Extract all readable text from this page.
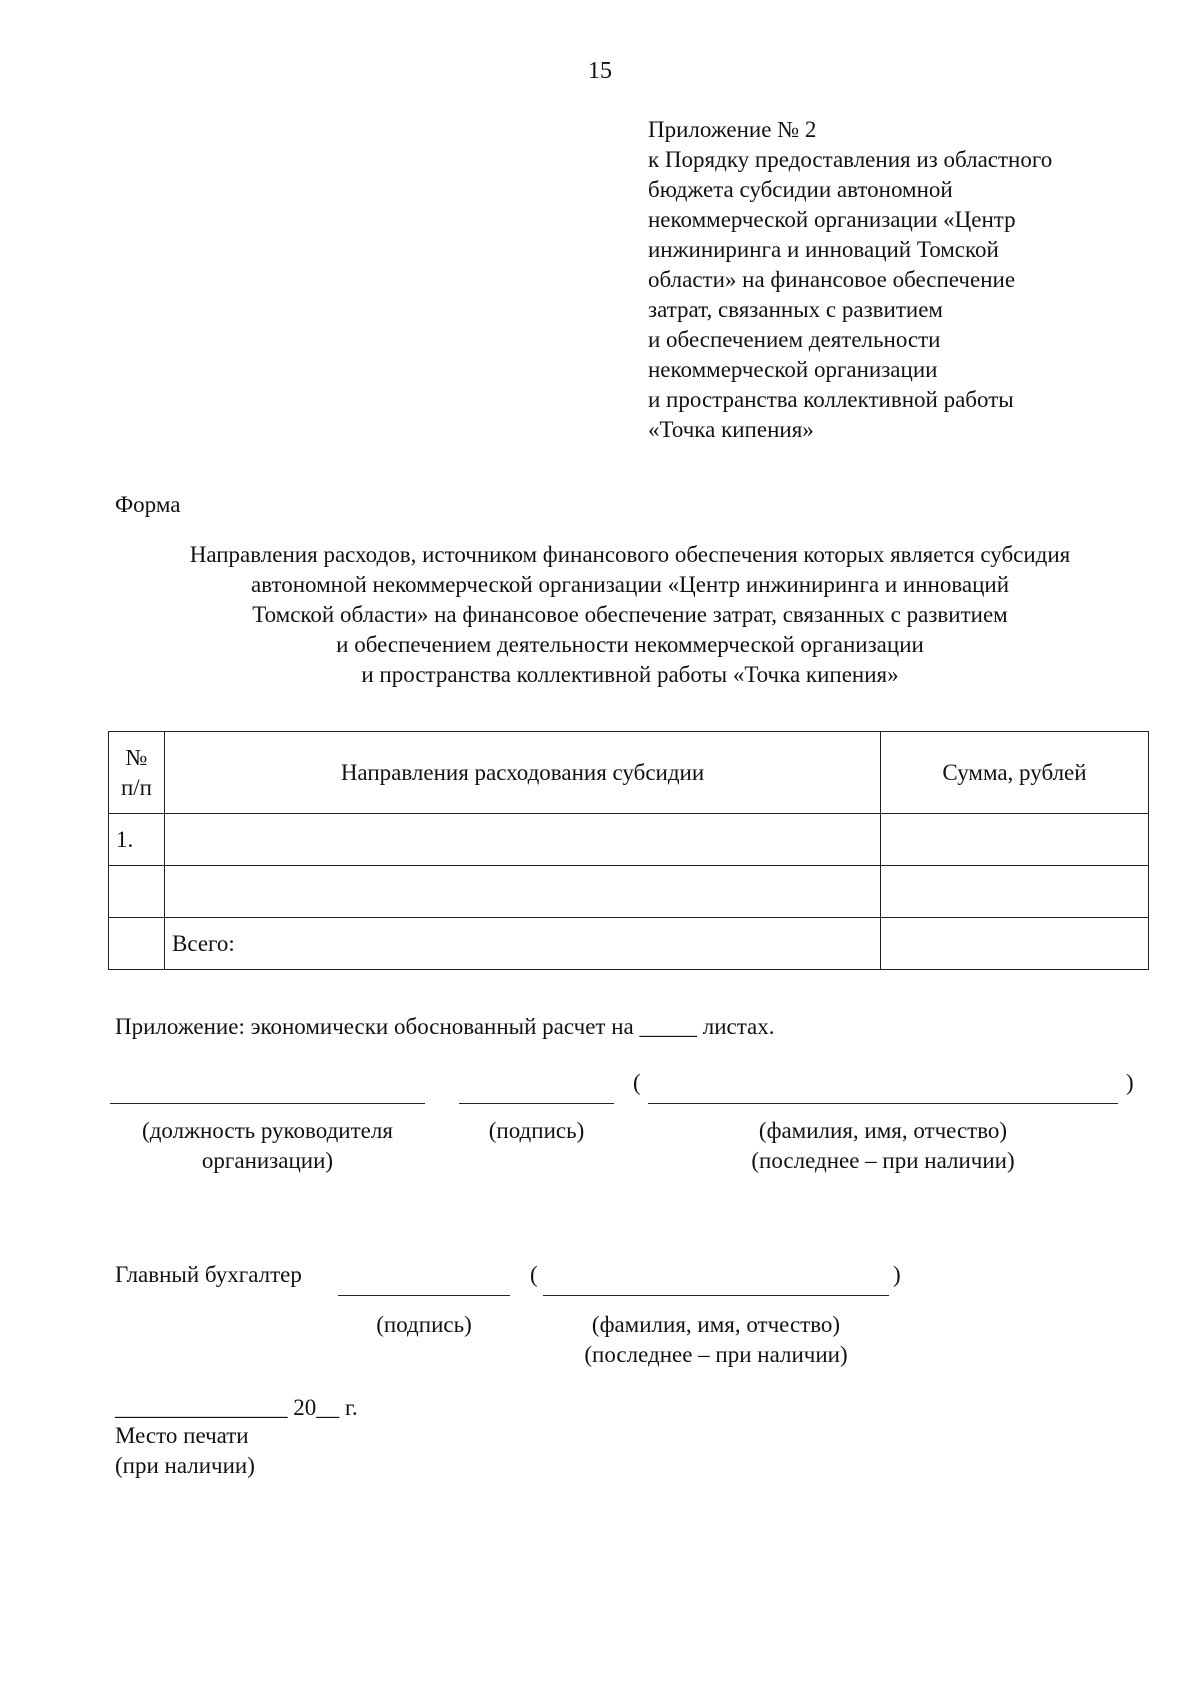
15
Приложение № 2
к Порядку предоставления из областного
бюджета субсидии автономной
некоммерческой организации «Центр
инжиниринга и инноваций Томской
области» на финансовое обеспечение
затрат, связанных с развитием
и обеспечением деятельности
некоммерческой организации
и пространства коллективной работы
«Точка кипения»
Форма
Направления расходов, источником финансового обеспечения которых является субсидия
автономной некоммерческой организации «Центр инжиниринга и инноваций
Томской области» на финансовое обеспечение затрат, связанных с развитием
и обеспечением деятельности некоммерческой организации
и пространства коллективной работы «Точка кипения»
№
п/п	Направления расходования субсидии	Сумма, рублей
1.		

	Всего:	
Приложение: экономически обоснованный расчет на _____ листах.
(	)
(должность руководителя
организации)
(подпись)	(фамилия, имя, отчество)
(последнее – при наличии)
Главный бухгалтер	(	)
(подпись)	(фамилия, имя, отчество)
(последнее – при наличии)
_______________ 20__ г.
Место печати
(при наличии)
